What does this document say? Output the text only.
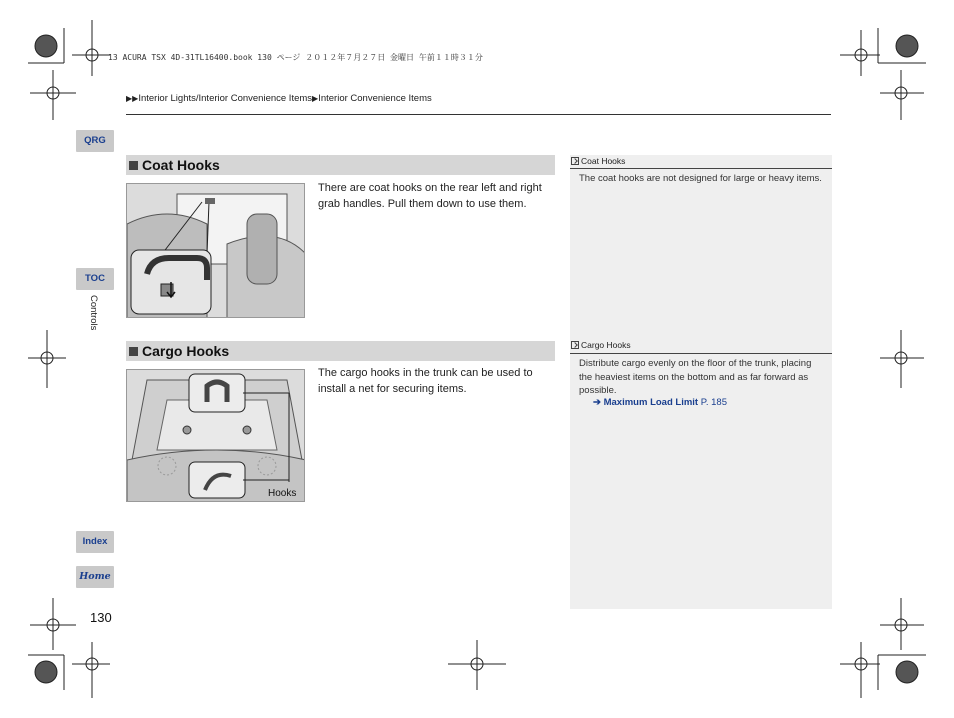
13 ACURA TSX 4D-31TL16400.book 130 ページ ２０１２年７月２７日 金曜日 午前１１時３１分
▶▶Interior Lights/Interior Convenience Items▶Interior Convenience Items
QRG
TOC
Controls
Index
Home
130
Coat Hooks
There are coat hooks on the rear left and right grab handles. Pull them down to use them.
Cargo Hooks
Hooks
The cargo hooks in the trunk can be used to install a net for securing items.
Coat Hooks
The coat hooks are not designed for large or heavy items.
Cargo Hooks
Distribute cargo evenly on the floor of the trunk, placing the heaviest items on the bottom and as far forward as possible.
➔ Maximum Load Limit P. 185
